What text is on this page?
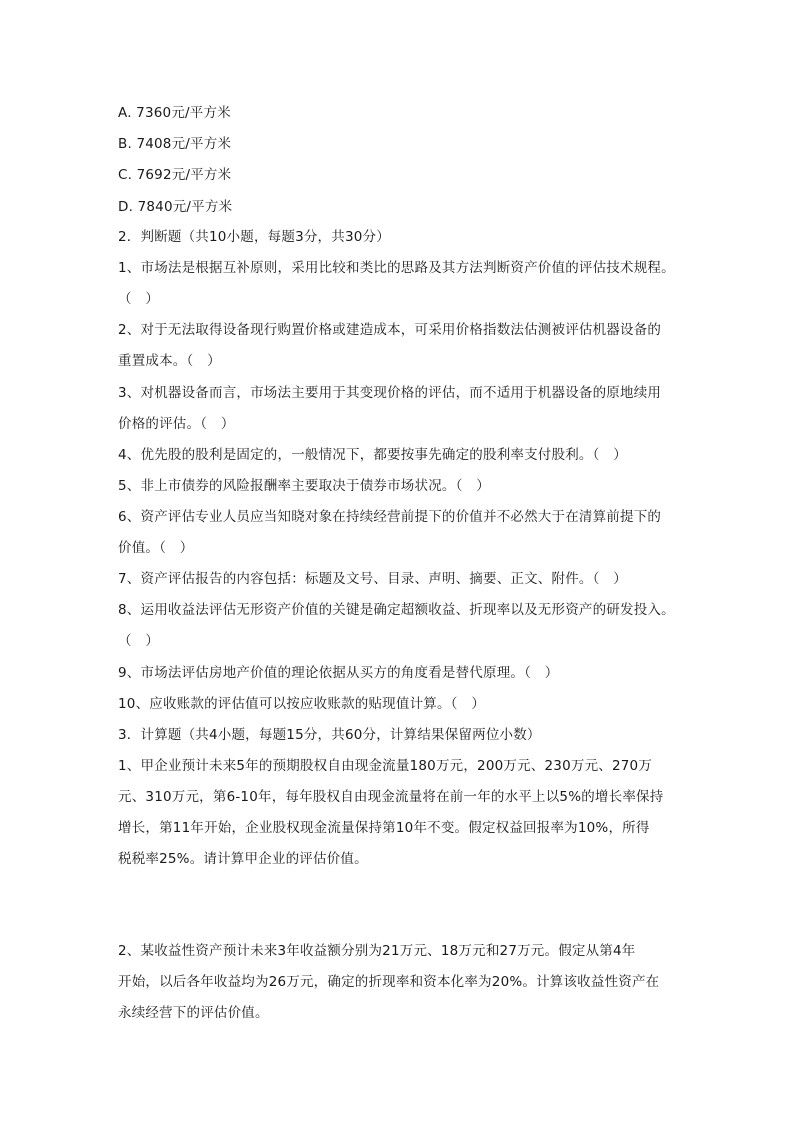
A. 7360元/平方米
B. 7408元/平方米
C. 7692元/平方米
D. 7840元/平方米
2．判断题（共10小题，每题3分，共30分）
1、市场法是根据互补原则，采用比较和类比的思路及其方法判断资产价值的评估技术规程。
（　）
2、对于无法取得设备现行购置价格或建造成本，可采用价格指数法估测被评估机器设备的
重置成本。（　）
3、对机器设备而言，市场法主要用于其变现价格的评估，而不适用于机器设备的原地续用
价格的评估。（　）
4、优先股的股利是固定的，一般情况下，都要按事先确定的股利率支付股利。（　）
5、非上市债券的风险报酬率主要取决于债券市场状况。（　）
6、资产评估专业人员应当知晓对象在持续经营前提下的价值并不必然大于在清算前提下的
价值。（　）
7、资产评估报告的内容包括：标题及文号、目录、声明、摘要、正文、附件。（　）
8、运用收益法评估无形资产价值的关键是确定超额收益、折现率以及无形资产的研发投入。
（　）
9、市场法评估房地产价值的理论依据从买方的角度看是替代原理。（　）
10、应收账款的评估值可以按应收账款的贴现值计算。（　）
3．计算题（共4小题，每题15分，共60分，计算结果保留两位小数）
1、甲企业预计未来5年的预期股权自由现金流量180万元，200万元、230万元、270万
元、310万元，第6-10年，每年股权自由现金流量将在前一年的水平上以5%的增长率保持
增长，第11年开始，企业股权现金流量保持第10年不变。假定权益回报率为10%，所得
税税率25%。请计算甲企业的评估价值。
2、某收益性资产预计未来3年收益额分别为21万元、18万元和27万元。假定从第4年
开始，以后各年收益均为26万元，确定的折现率和资本化率为20%。计算该收益性资产在
永续经营下的评估价值。
